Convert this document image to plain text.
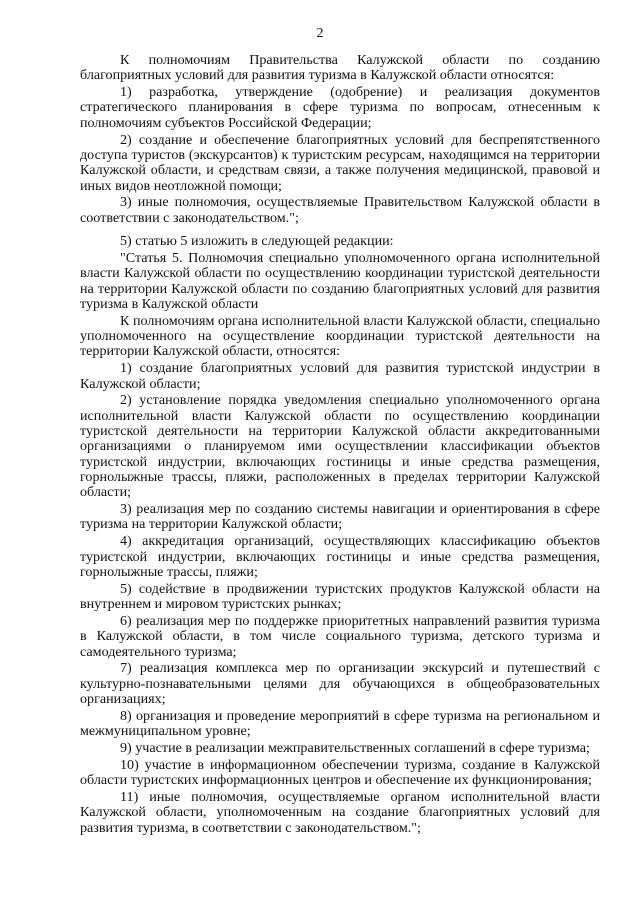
2

К полномочиям Правительства Калужской области по созданию благоприятных условий для развития туризма в Калужской области относятся:

1) разработка, утверждение (одобрение) и реализация документов стратегического планирования в сфере туризма по вопросам, отнесенным к полномочиям субъектов Российской Федерации;

2) создание и обеспечение благоприятных условий для беспрепятственного доступа туристов (экскурсантов) к туристским ресурсам, находящимся на территории Калужской области, и средствам связи, а также получения медицинской, правовой и иных видов неотложной помощи;

3) иные полномочия, осуществляемые Правительством Калужской области в соответствии с законодательством.";

5) статью 5 изложить в следующей редакции:

"Статья 5. Полномочия специально уполномоченного органа исполнительной власти Калужской области по осуществлению координации туристской деятельности на территории Калужской области по созданию благоприятных условий для развития туризма в Калужской области

К полномочиям органа исполнительной власти Калужской области, специально уполномоченного на осуществление координации туристской деятельности на территории Калужской области, относятся:

1) создание благоприятных условий для развития туристской индустрии в Калужской области;

2) установление порядка уведомления специально уполномоченного органа исполнительной власти Калужской области по осуществлению координации туристской деятельности на территории Калужской области аккредитованными организациями о планируемом ими осуществлении классификации объектов туристской индустрии, включающих гостиницы и иные средства размещения, горнолыжные трассы, пляжи, расположенных в пределах территории Калужской области;

3) реализация мер по созданию системы навигации и ориентирования в сфере туризма на территории Калужской области;

4) аккредитация организаций, осуществляющих классификацию объектов туристской индустрии, включающих гостиницы и иные средства размещения, горнолыжные трассы, пляжи;

5) содействие в продвижении туристских продуктов Калужской области на внутреннем и мировом туристских рынках;

6) реализация мер по поддержке приоритетных направлений развития туризма в Калужской области, в том числе социального туризма, детского туризма и самодеятельного туризма;

7) реализация комплекса мер по организации экскурсий и путешествий с культурно-познавательными целями для обучающихся в общеобразовательных организациях;

8) организация и проведение мероприятий в сфере туризма на региональном и межмуниципальном уровне;

9) участие в реализации межправительственных соглашений в сфере туризма;

10) участие в информационном обеспечении туризма, создание в Калужской области туристских информационных центров и обеспечение их функционирования;

11) иные полномочия, осуществляемые органом исполнительной власти Калужской области, уполномоченным на создание благоприятных условий для развития туризма, в соответствии с законодательством.";
